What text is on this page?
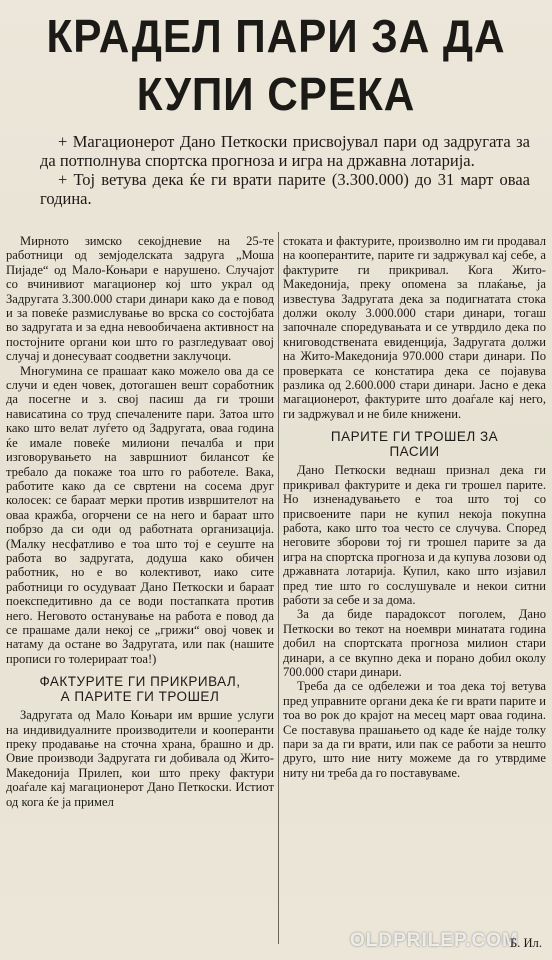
КРАДЕЛ ПАРИ ЗА ДА
КУПИ СРЕКА

+ Магационерот Дано Петкоски присвојувал пари од задругата за да потполнува спортска прогноза и игра на државна лотарија.

+ Тој ветува дека ќе ги врати парите (3.300.000) до 31 март оваа година.

Мирното зимско секојдневие на 25-те работници од земјоделската задруга „Моша Пијаде“ од Мало-Коњари е нарушено. Случајот со вчинивиот магационер кој што украл од Задругата 3.300.000 стари динари како да е повод и за повеќе размислување во врска со состојбата во задругата и за една невообичаена активност на постојните органи кои што го разгледуваат овој случај и донесуваат соодветни заклучоци.

Многумина се прашаат како можело ова да се случи и еден човек, дотогашен вешт соработник да посегне и з. свој пасиш да ги троши нависатина со труд спечалените пари. Затоа што како што велат луѓето од Задругата, оваа година ќе имале повеќе милиони печалба и при изговорувањето на завршниот билансот ќе требало да покаже тоа што го работеле. Вака, работите како да се свртени на сосема друг колосек: се бараат мерки против извршителот на оваа кражба, огорчени се на него и бараат што побрзо да си оди од работната организација. (Малку несфатливо е тоа што тој е сеуште на работа во задругата, додуша како обичен работник, но е во колективот, иако сите работници го осудуваат Дано Петкоски и бараат поекспедитивно да се води постапката против него. Неговото останување на работа е повод да се прашаме дали некој се „грижи“ овој човек и натаму да остане во Задругата, или пак (нашите прописи го толерираат тоа!)

ФАКТУРИТЕ ГИ ПРИКРИВАЛ,
А ПАРИТЕ ГИ ТРОШЕЛ

Задругата од Мало Коњари им вршиe услуги на индивидуалните производители и кооперанти преку продавање на сточна храна, брашно и др. Овие производи Задругата ги добивала од Жито-Македонија Прилеп, кои што преку фактури доаѓале кај магационерот Дано Петкоски. Истиот од кога ќе ја примел

стоката и фактурите, произволно им ги продавал на кооперантите, парите ги задржувал кај себе, а фактурите ги прикривал. Кога Жито-Македонија, преку опомена за плаќање, ја известува Задругата дека за подигнатата стока должи околу 3.000.000 стари динари, тогаш започнале споредувањата и се утврдило дека по книговодствената евиденција, Задругата должи на Жито-Македонија 970.000 стари динари. По проверката се констатира дека се појавува разлика од 2.600.000 стари динари. Јасно е дека магационерот, фактурите што доаѓале кај него, ги задржувал и не биле книжени.

ПАРИТЕ ГИ ТРОШЕЛ ЗА
ПАСИИ

Дано Петкоски веднаш признал дека ги прикривал фактурите и дека ги трошел парите. Но изненадувањето е тоа што тој со присвоените пари не купил некоја покупна работа, како што тоа често се случува. Според неговите зборови тој ги трошел парите за да игра на спортска прогноза и да купува лозови од државната лотарија. Купил, како што изјавил пред тие што го сослушувале и некои ситни работи за себе и за дома.

За да биде парадоксот поголем, Дано Петкоски во текот на ноември минатата година добил на спортската прогноза милион стари динари, а се вкупно дека и поранo добил околу 700.000 стари динари.

Треба да се одбележи и тоа дека тој ветува пред управните органи дека ќе ги врати парите и тоа во рок до крајот на месец март оваа година. Се поставува прашањето од каде ќе најде толку пари за да ги врати, или пак се работи за нешто друго, што ние ниту можеме да го утврдиме ниту ни треба да го поставуваме.

OLDPRILEP.COM
Б. Ил.
